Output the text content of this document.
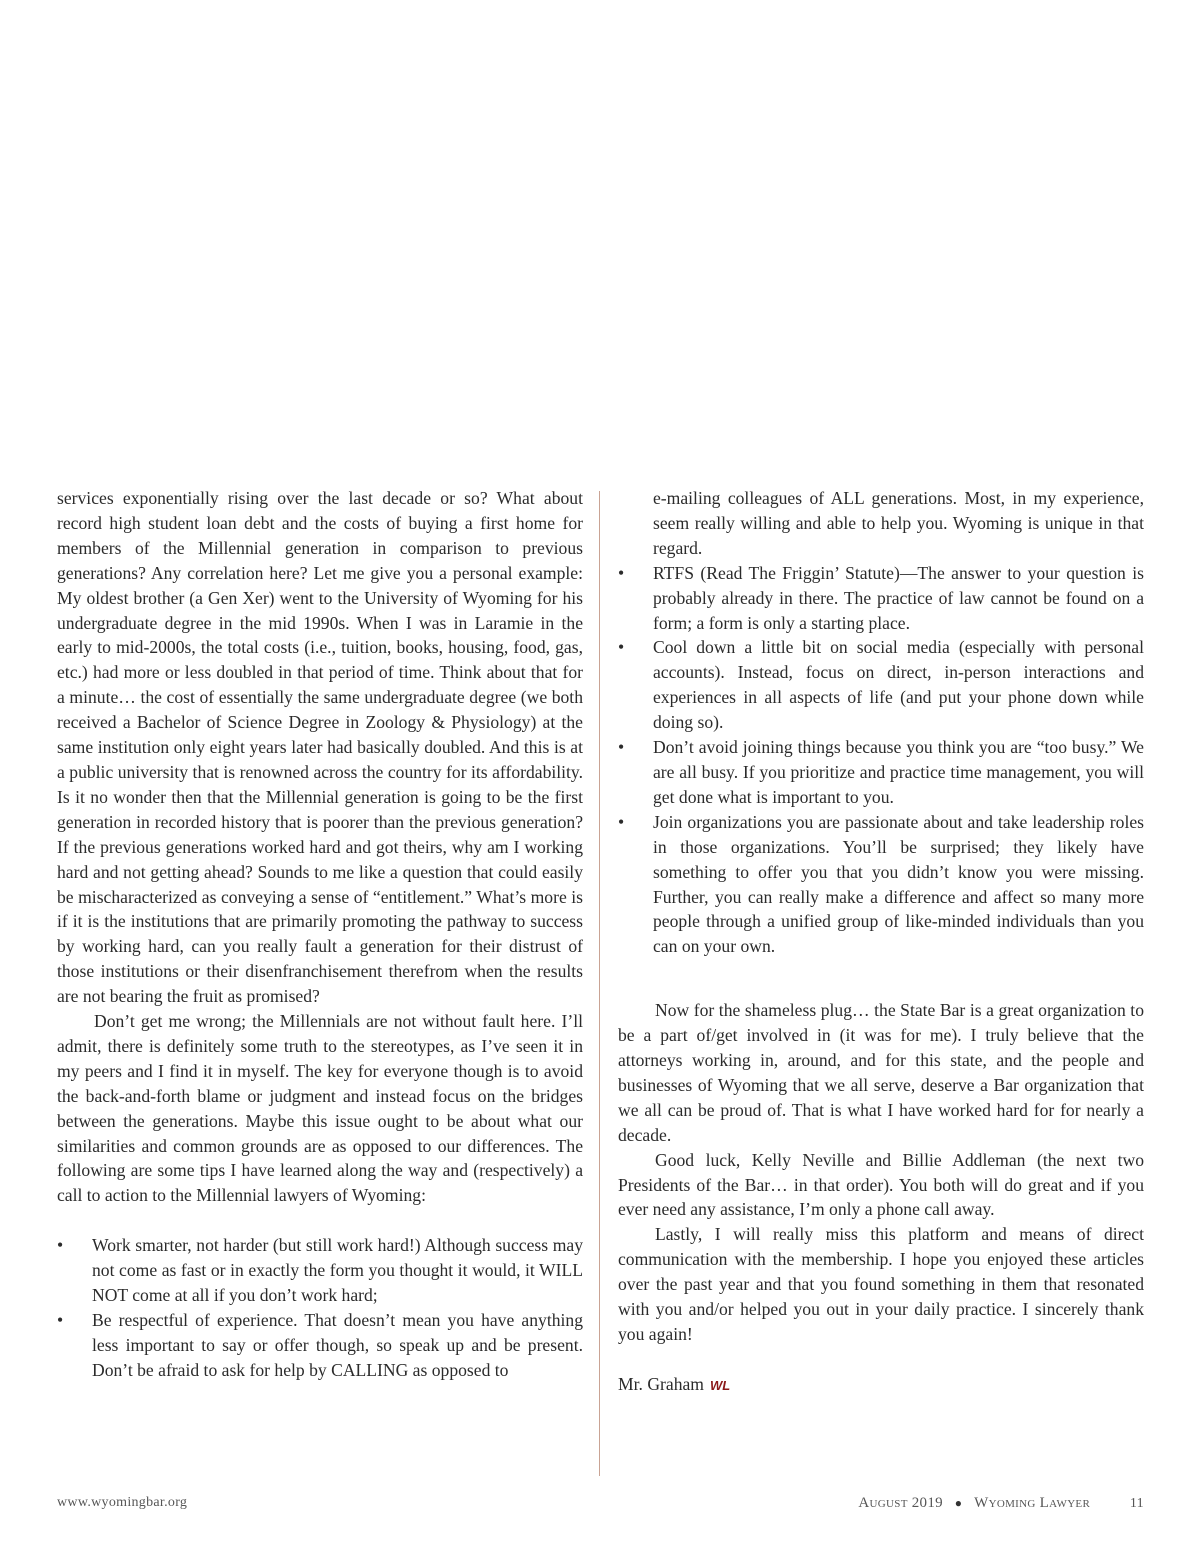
services exponentially rising over the last decade or so? What about record high student loan debt and the costs of buying a first home for members of the Millennial generation in comparison to previous generations? Any correlation here? Let me give you a personal example: My oldest brother (a Gen Xer) went to the University of Wyoming for his undergraduate degree in the mid 1990s. When I was in Laramie in the early to mid-2000s, the total costs (i.e., tuition, books, housing, food, gas, etc.) had more or less doubled in that period of time. Think about that for a minute… the cost of essentially the same undergraduate degree (we both received a Bachelor of Science Degree in Zoology & Physiology) at the same institution only eight years later had basically doubled. And this is at a public university that is renowned across the country for its affordability. Is it no wonder then that the Millennial generation is going to be the first generation in recorded history that is poorer than the previous generation? If the previous generations worked hard and got theirs, why am I working hard and not getting ahead? Sounds to me like a question that could easily be mischaracterized as conveying a sense of “entitlement.” What’s more is if it is the institutions that are primarily promoting the pathway to success by working hard, can you really fault a generation for their distrust of those institutions or their disenfranchisement therefrom when the results are not bearing the fruit as promised?

Don’t get me wrong; the Millennials are not without fault here. I’ll admit, there is definitely some truth to the stereotypes, as I’ve seen it in my peers and I find it in myself. The key for everyone though is to avoid the back-and-forth blame or judgment and instead focus on the bridges between the generations. Maybe this issue ought to be about what our similarities and common grounds are as opposed to our differences. The following are some tips I have learned along the way and (respectively) a call to action to the Millennial lawyers of Wyoming:

• Work smarter, not harder (but still work hard!) Although success may not come as fast or in exactly the form you thought it would, it WILL NOT come at all if you don’t work hard;
• Be respectful of experience. That doesn’t mean you have anything less important to say or offer though, so speak up and be present. Don’t be afraid to ask for help by CALLING as opposed to
e-mailing colleagues of ALL generations. Most, in my experience, seem really willing and able to help you. Wyoming is unique in that regard.
• RTFS (Read The Friggin’ Statute)—The answer to your question is probably already in there. The practice of law cannot be found on a form; a form is only a starting place.
• Cool down a little bit on social media (especially with personal accounts). Instead, focus on direct, in-person interactions and experiences in all aspects of life (and put your phone down while doing so).
• Don’t avoid joining things because you think you are “too busy.” We are all busy. If you prioritize and practice time management, you will get done what is important to you.
• Join organizations you are passionate about and take leadership roles in those organizations. You’ll be surprised; they likely have something to offer you that you didn’t know you were missing. Further, you can really make a difference and affect so many more people through a unified group of like-minded individuals than you can on your own.

Now for the shameless plug… the State Bar is a great organization to be a part of/get involved in (it was for me). I truly believe that the attorneys working in, around, and for this state, and the people and businesses of Wyoming that we all serve, deserve a Bar organization that we all can be proud of. That is what I have worked hard for for nearly a decade.

Good luck, Kelly Neville and Billie Addleman (the next two Presidents of the Bar… in that order). You both will do great and if you ever need any assistance, I’m only a phone call away.

Lastly, I will really miss this platform and means of direct communication with the membership. I hope you enjoyed these articles over the past year and that you found something in them that resonated with you and/or helped you out in your daily practice. I sincerely thank you again!

Mr. Graham WL

www.wyomingbar.org	August 2019 ● Wyoming Lawyer	11
